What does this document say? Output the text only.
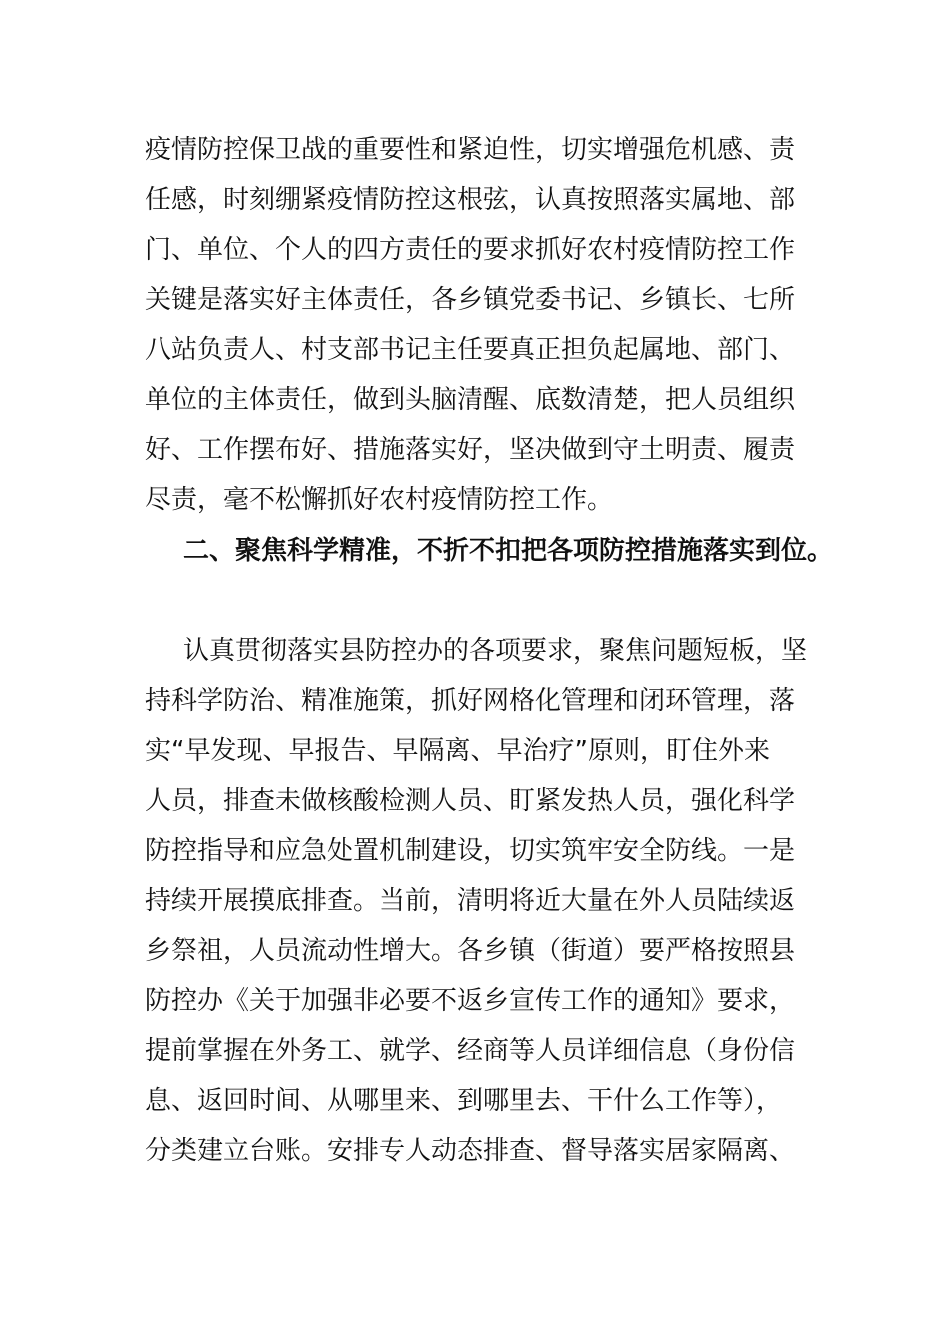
疫情防控保卫战的重要性和紧迫性，切实增强危机感、责
任感，时刻绷紧疫情防控这根弦，认真按照落实属地、部
门、单位、个人的四方责任的要求抓好农村疫情防控工作
关键是落实好主体责任，各乡镇党委书记、乡镇长、七所
八站负责人、村支部书记主任要真正担负起属地、部门、
单位的主体责任，做到头脑清醒、底数清楚，把人员组织
好、工作摆布好、措施落实好，坚决做到守土明责、履责
尽责，毫不松懈抓好农村疫情防控工作。
二、聚焦科学精准，不折不扣把各项防控措施落实到位。
认真贯彻落实县防控办的各项要求，聚焦问题短板，坚
持科学防治、精准施策，抓好网格化管理和闭环管理，落
实“早发现、早报告、早隔离、早治疗”原则，盯住外来
人员，排查未做核酸检测人员、盯紧发热人员，强化科学
防控指导和应急处置机制建设，切实筑牢安全防线。一是
持续开展摸底排查。当前，清明将近大量在外人员陆续返
乡祭祖，人员流动性增大。各乡镇（街道）要严格按照县
防控办《关于加强非必要不返乡宣传工作的通知》要求，
提前掌握在外务工、就学、经商等人员详细信息（身份信
息、返回时间、从哪里来、到哪里去、干什么工作等），
分类建立台账。安排专人动态排查、督导落实居家隔离、
